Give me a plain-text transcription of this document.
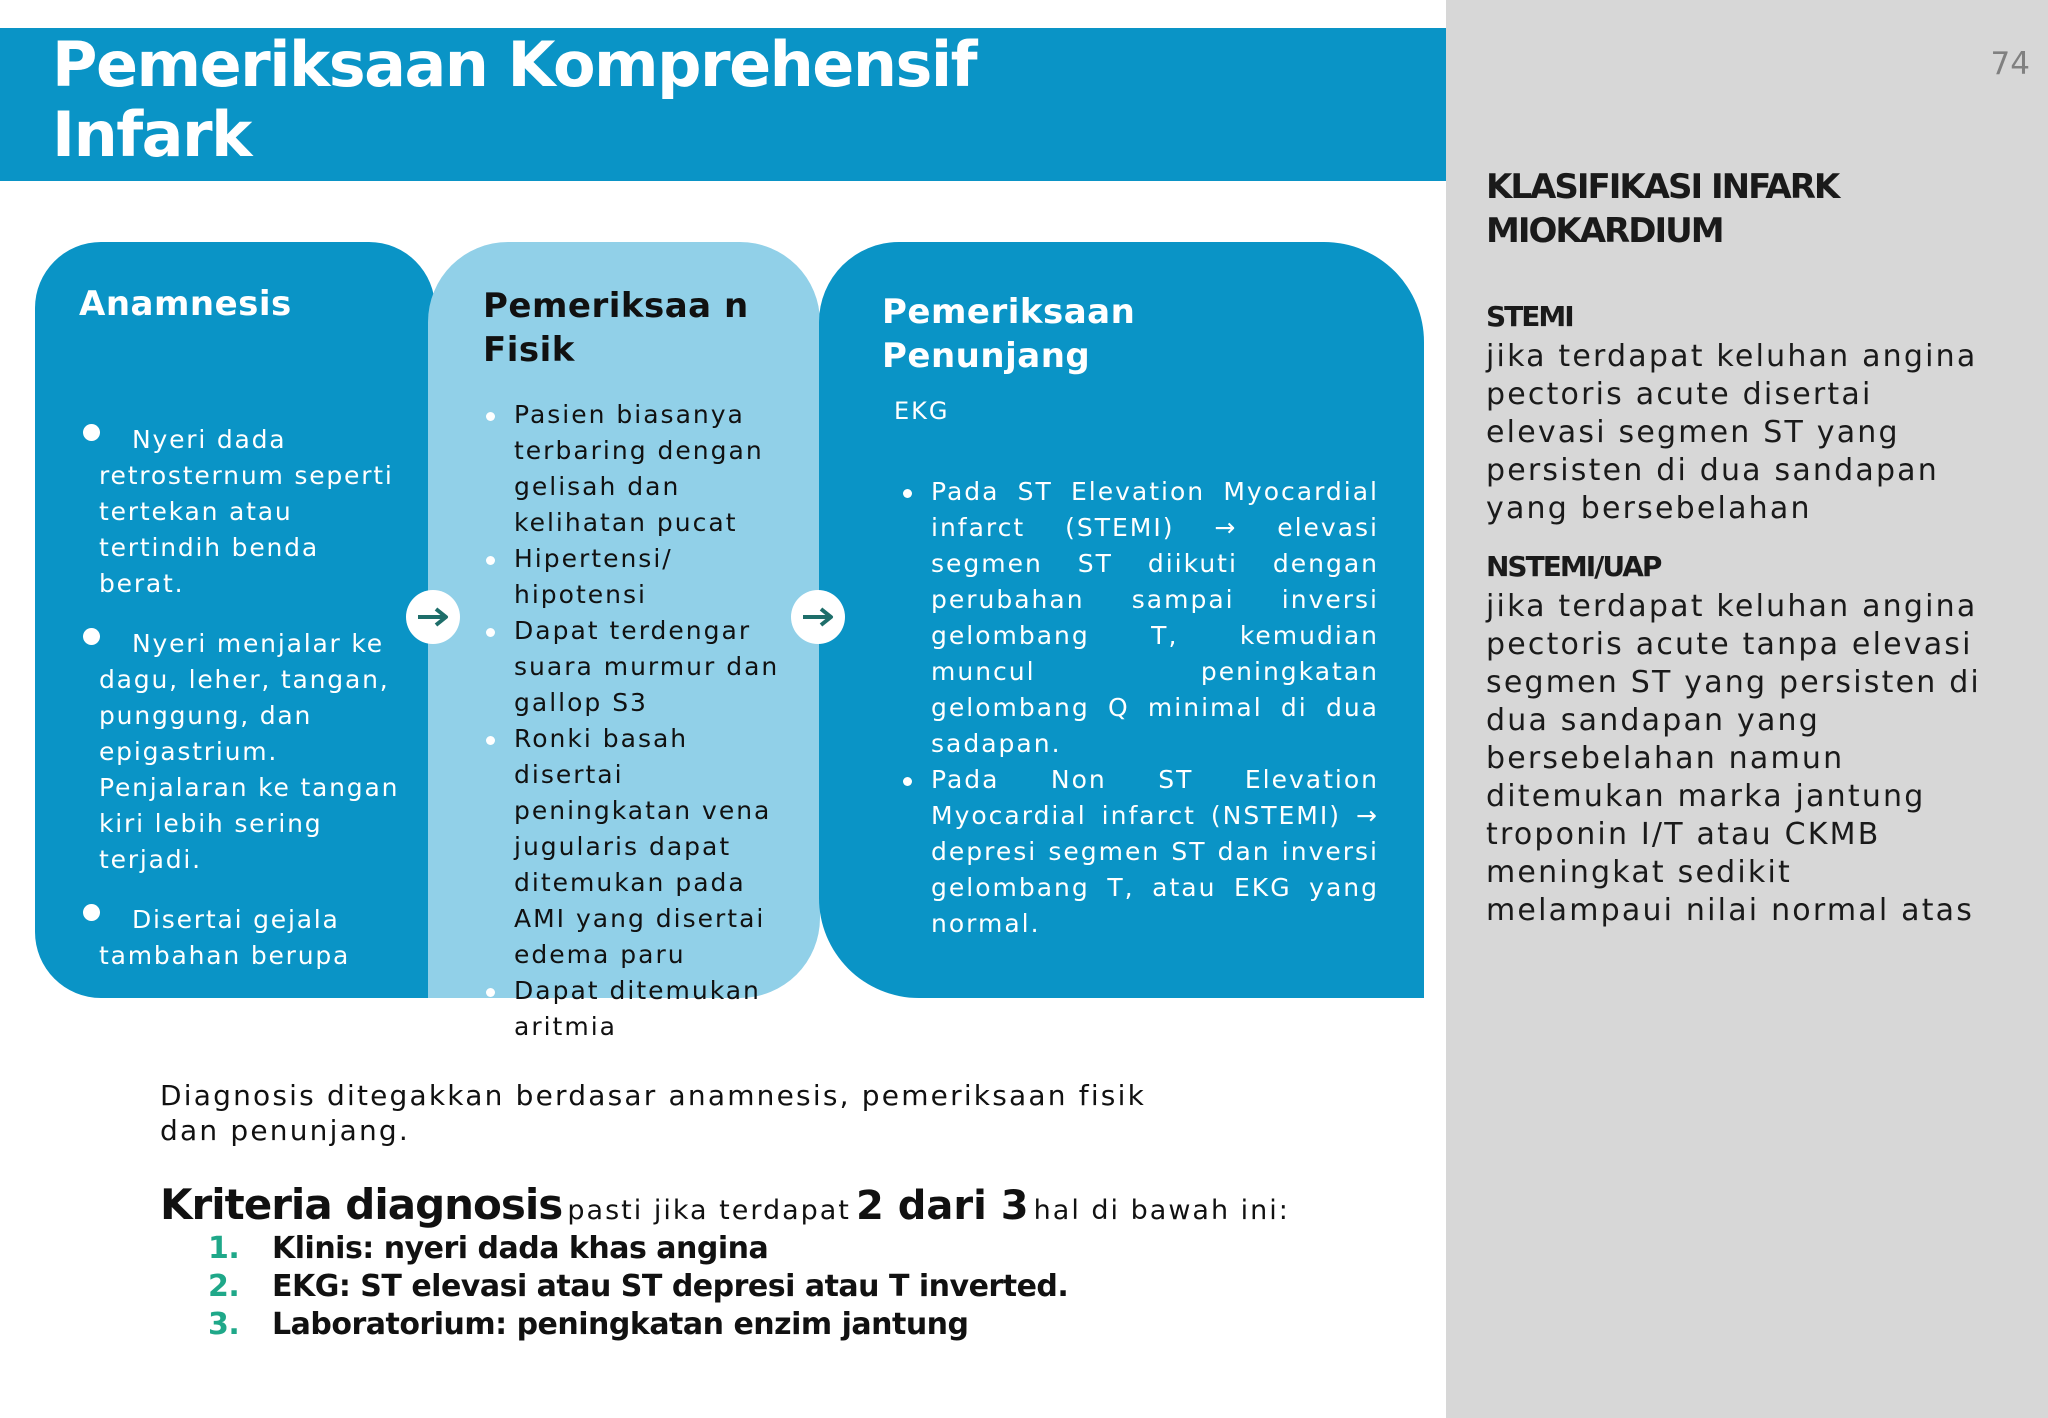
74
Pemeriksaan Komprehensif Infark
Anamnesis
Nyeri dada retrosternum seperti tertekan atau tertindih benda berat.
Nyeri menjalar ke dagu, leher, tangan, punggung, dan epigastrium. Penjalaran ke tangan kiri lebih sering terjadi.
Disertai gejala tambahan berupa
Pemeriksaa n Fisik
Pasien biasanya terbaring dengan gelisah dan kelihatan pucat
Hipertensi/ hipotensi
Dapat terdengar suara murmur dan gallop S3
Ronki basah disertai peningkatan vena jugularis dapat ditemukan pada AMI yang disertai edema paru
Dapat ditemukan aritmia
Pemeriksaan Penunjang
EKG
Pada ST Elevation Myocardial infarct (STEMI) → elevasi segmen ST diikuti dengan perubahan sampai inversi gelombang T, kemudian muncul peningkatan gelombang Q minimal di dua sadapan.
Pada Non ST Elevation Myocardial infarct (NSTEMI) → depresi segmen ST dan inversi gelombang T, atau EKG yang normal.

Diagnosis ditegakkan berdasar anamnesis, pemeriksaan fisik dan penunjang.

Kriteria diagnosis pasti jika terdapat 2 dari 3 hal di bawah ini:

1. Klinis: nyeri dada khas angina
2. EKG: ST elevasi atau ST depresi atau T inverted.
3. Laboratorium: peningkatan enzim jantung
KLASIFIKASI INFARK MIOKARDIUM
STEMI

jika terdapat keluhan angina pectoris acute disertai elevasi segmen ST yang persisten di dua sandapan yang bersebelahan

NSTEMI/UAP

jika terdapat keluhan angina pectoris acute tanpa elevasi segmen ST yang persisten di dua sandapan yang bersebelahan namun ditemukan marka jantung troponin I/T atau CKMB meningkat sedikit melampaui nilai normal atas
